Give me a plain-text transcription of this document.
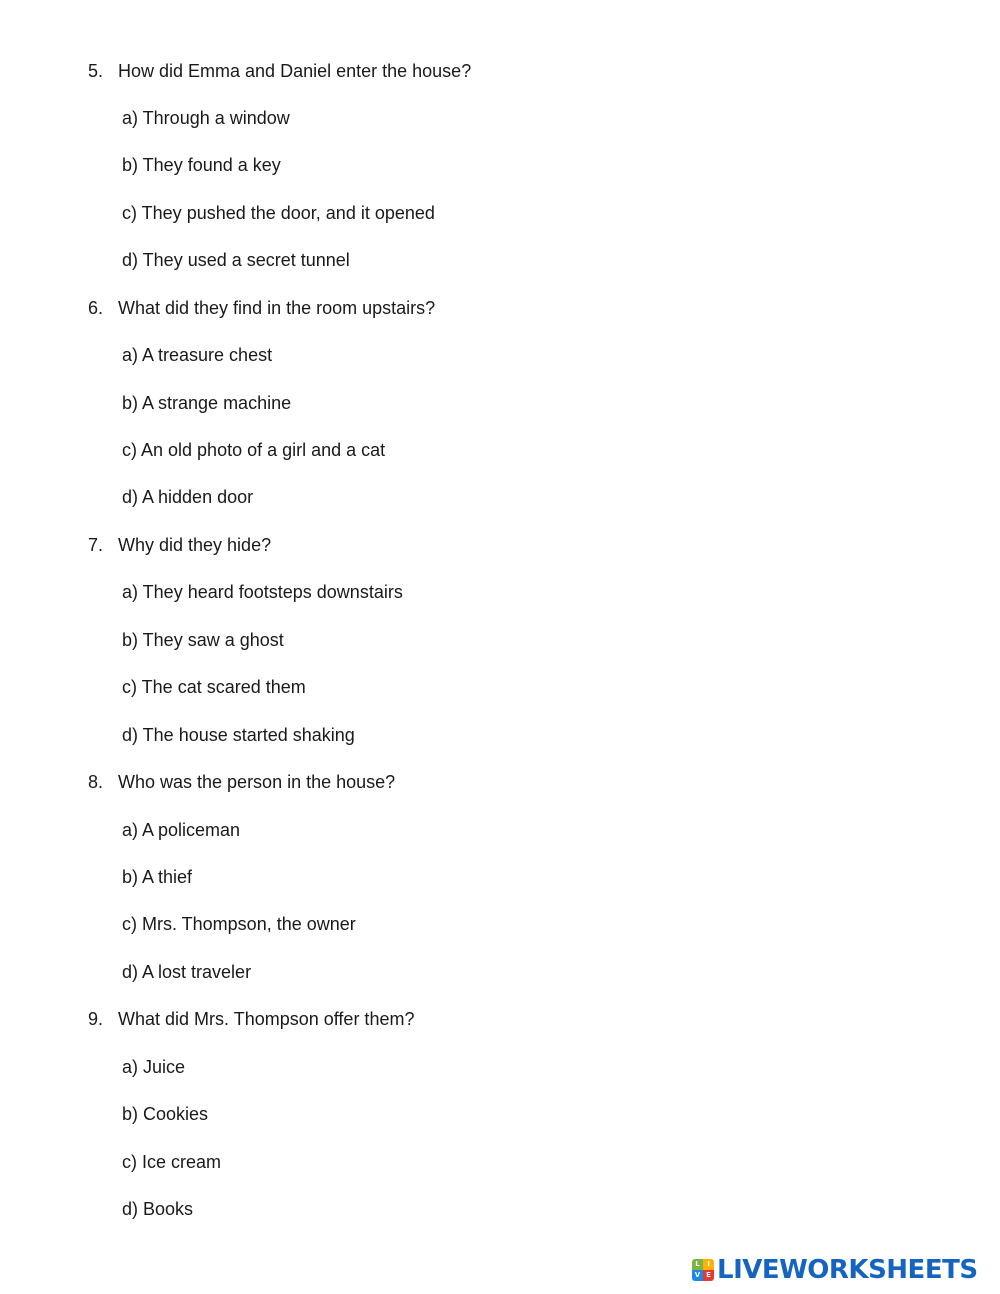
5. How did Emma and Daniel enter the house?
a) Through a window
b) They found a key
c) They pushed the door, and it opened
d) They used a secret tunnel
6. What did they find in the room upstairs?
a) A treasure chest
b) A strange machine
c) An old photo of a girl and a cat
d) A hidden door
7. Why did they hide?
a) They heard footsteps downstairs
b) They saw a ghost
c) The cat scared them
d) The house started shaking
8. Who was the person in the house?
a) A policeman
b) A thief
c) Mrs. Thompson, the owner
d) A lost traveler
9. What did Mrs. Thompson offer them?
a) Juice
b) Cookies
c) Ice cream
d) Books
L	I
V E LIVEWORKSHEETS
